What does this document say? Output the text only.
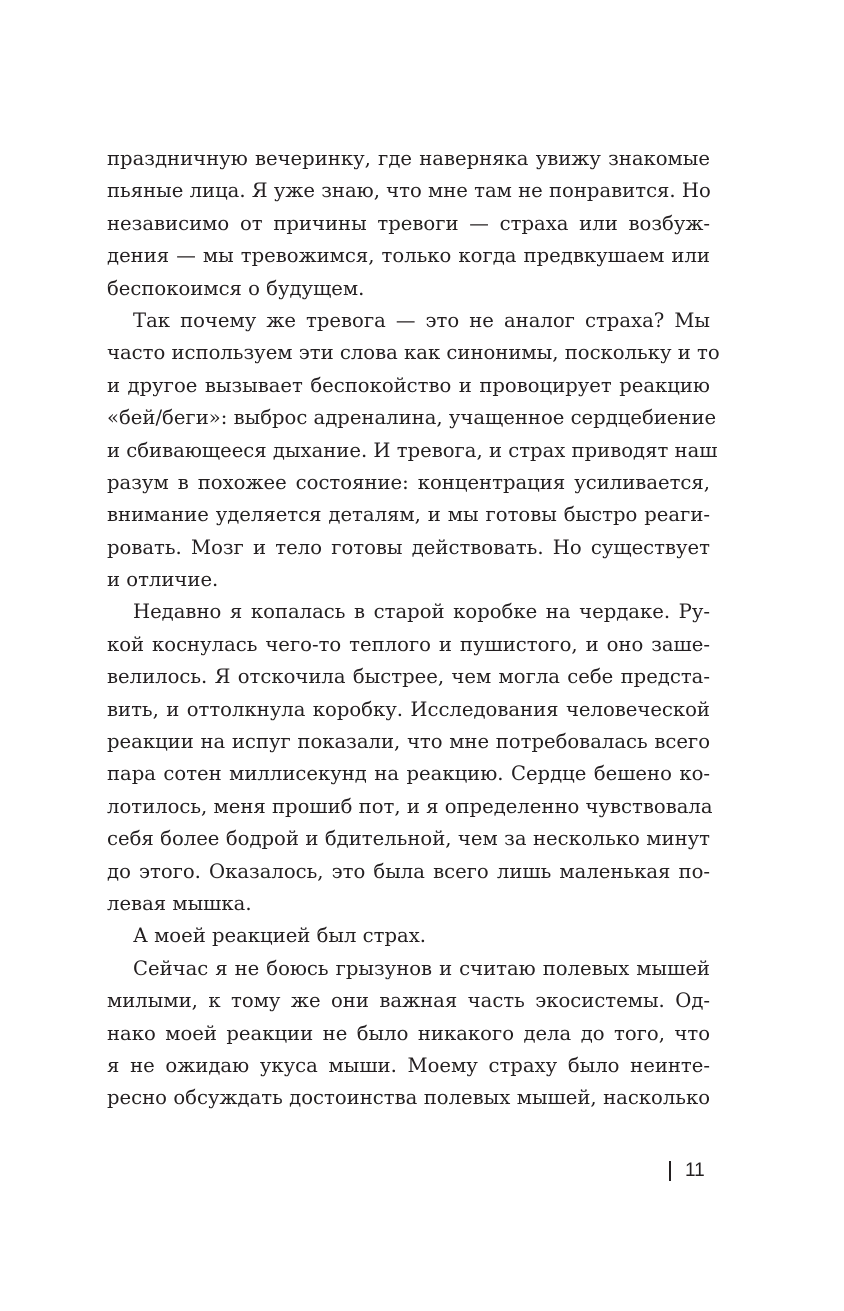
праздничную вечеринку, где наверняка увижу знакомые
пьяные лица. Я уже знаю, что мне там не понравится. Но
независимо от причины тревоги — страха или возбуж-
дения — мы тревожимся, только когда предвкушаем или
беспокоимся о будущем.
Так почему же тревога — это не аналог страха? Мы
часто используем эти слова как синонимы, поскольку и то
и другое вызывает беспокойство и провоцирует реакцию
«бей/беги»: выброс адреналина, учащенное сердцебиение
и сбивающееся дыхание. И тревога, и страх приводят наш
разум в похожее состояние: концентрация усиливается,
внимание уделяется деталям, и мы готовы быстро реаги-
ровать. Мозг и тело готовы действовать. Но существует
и отличие.
Недавно я копалась в старой коробке на чердаке. Ру-
кой коснулась чего-то теплого и пушистого, и оно заше-
велилось. Я отскочила быстрее, чем могла себе предста-
вить, и оттолкнула коробку. Исследования человеческой
реакции на испуг показали, что мне потребовалась всего
пара сотен миллисекунд на реакцию. Сердце бешено ко-
лотилось, меня прошиб пот, и я определенно чувствовала
себя более бодрой и бдительной, чем за несколько минут
до этого. Оказалось, это была всего лишь маленькая по-
левая мышка.
А моей реакцией был страх.
Сейчас я не боюсь грызунов и считаю полевых мышей
милыми, к тому же они важная часть экосистемы. Од-
нако моей реакции не было никакого дела до того, что
я не ожидаю укуса мыши. Моему страху было неинте-
ресно обсуждать достоинства полевых мышей, насколько
11
